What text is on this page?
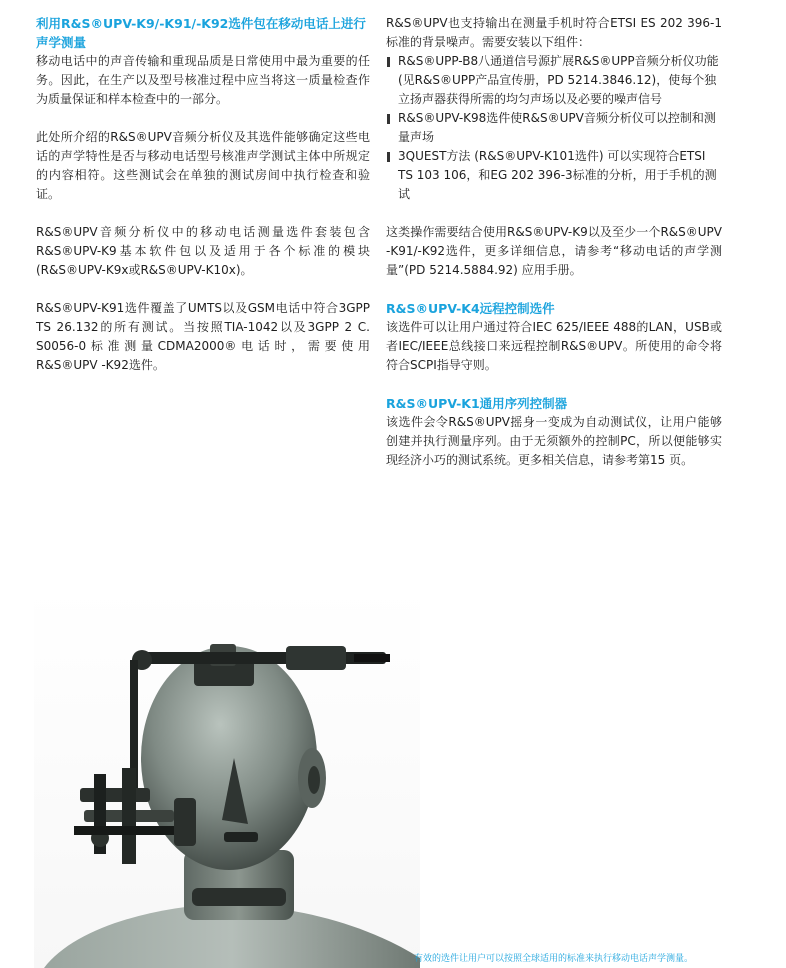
利用R&S®UPV-K9/-K91/-K92选件包在移动电话上进行声学测量

移动电话中的声音传输和重现品质是日常使用中最为重要的任务。因此，在生产以及型号核准过程中应当将这一质量检查作为质量保证和样本检查中的一部分。

此处所介绍的R&S®UPV音频分析仪及其选件能够确定这些电话的声学特性是否与移动电话型号核准声学测试主体中所规定的内容相符。这些测试会在单独的测试房间中执行检查和验证。

R&S®UPV音频分析仪中的移动电话测量选件套装包含R&S®UPV-K9基本软件包以及适用于各个标准的模块 (R&S®UPV-K9x或R&S®UPV-K10x)。

R&S®UPV-K91选件覆盖了UMTS以及GSM电话中符合3GPP TS 26.132的所有测试。当按照TIA-1042以及3GPP 2 C. S0056-0标准测量CDMA2000®电话时，需要使用 R&S®UPV -K92选件。

R&S®UPV也支持输出在测量手机时符合ETSI ES 202 396-1标准的背景噪声。需要安装以下组件：

R&S®UPP-B8八通道信号源扩展R&S®UPP音频分析仪功能(见R&S®UPP产品宣传册，PD 5214.3846.12)，使每个独立扬声器获得所需的均匀声场以及必要的噪声信号
R&S®UPV-K98选件使R&S®UPV音频分析仪可以控制和测量声场
3QUEST方法 (R&S®UPV-K101选件) 可以实现符合ETSI TS 103 106，和EG 202 396-3标准的分析，用于手机的测试

这类操作需要结合使用R&S®UPV-K9以及至少一个R&S®UPV -K91/-K92选件，更多详细信息，请参考“移动电话的声学测量”(PD 5214.5884.92) 应用手册。

R&S®UPV-K4远程控制选件

该选件可以让用户通过符合IEC 625/IEEE 488的LAN，USB或者IEC/IEEE总线接口来远程控制R&S®UPV。所使用的命令将符合SCPI指导守则。

R&S®UPV-K1通用序列控制器

该选件会令R&S®UPV摇身一变成为自动测试仪，让用户能够创建并执行测量序列。由于无须额外的控制PC，所以便能够实现经济小巧的测试系统。更多相关信息，请参考第15 页。

有效的选件让用户可以按照全球适用的标准来执行移动电话声学测量。
